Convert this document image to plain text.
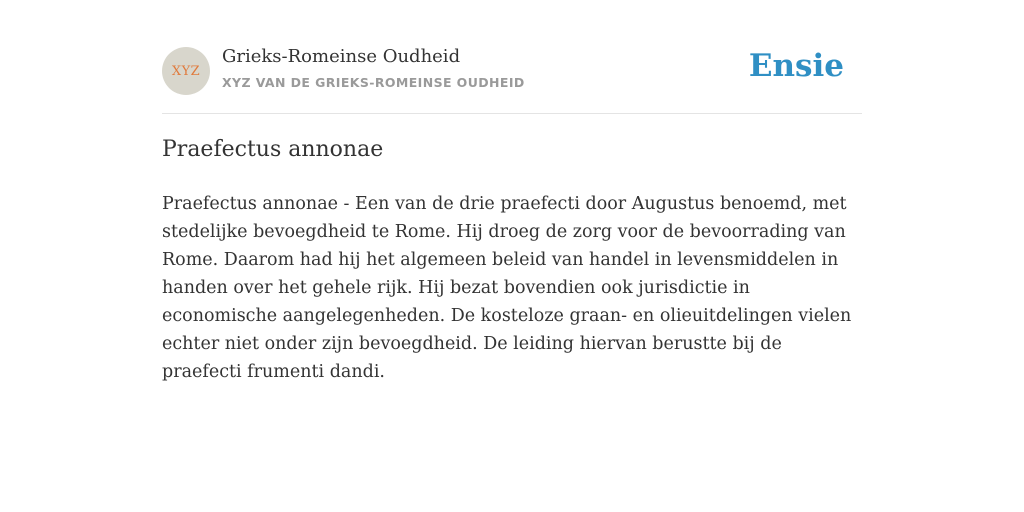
XYZ
Grieks-Romeinse Oudheid
XYZ VAN DE GRIEKS-ROMEINSE OUDHEID	Ensie
Praefectus annonae

Praefectus annonae - Een van de drie praefecti door Augustus benoemd, met stedelijke bevoegdheid te Rome. Hij droeg de zorg voor de bevoorrading van Rome. Daarom had hij het algemeen beleid van handel in levensmiddelen in handen over het gehele rijk. Hij bezat bovendien ook jurisdictie in economische aangelegenheden. De kosteloze graan- en olieuitdelingen vielen echter niet onder zijn bevoegdheid. De leiding hiervan berustte bij de praefecti frumenti dandi.
